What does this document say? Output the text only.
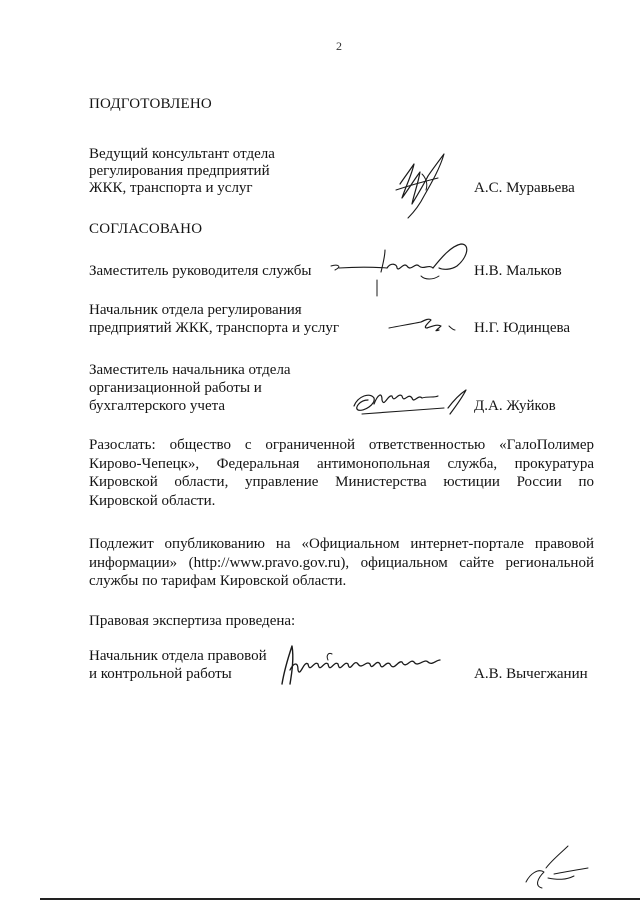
2
ПОДГОТОВЛЕНО
Ведущий консультант отдела
регулирования предприятий
ЖКК, транспорта и услуг	А.С. Муравьева
СОГЛАСОВАНО
Заместитель руководителя службы	Н.В. Мальков
Начальник отдела регулирования
предприятий ЖКК, транспорта и услуг	Н.Г. Юдинцева
Заместитель начальника отдела
организационной работы и
бухгалтерского учета	Д.А. Жуйков
Разослать: общество с ограниченной ответственностью «ГалоПолимер
Кирово-Чепецк», Федеральная антимонопольная служба, прокуратура
Кировской области, управление Министерства юстиции России по
Кировской области.
Подлежит опубликованию на «Официальном интернет-портале правовой
информации» (http://www.pravo.gov.ru), официальном сайте региональной
службы по тарифам Кировской области.
Правовая экспертиза проведена:
Начальник отдела правовой
и контрольной работы	А.В. Вычегжанин
